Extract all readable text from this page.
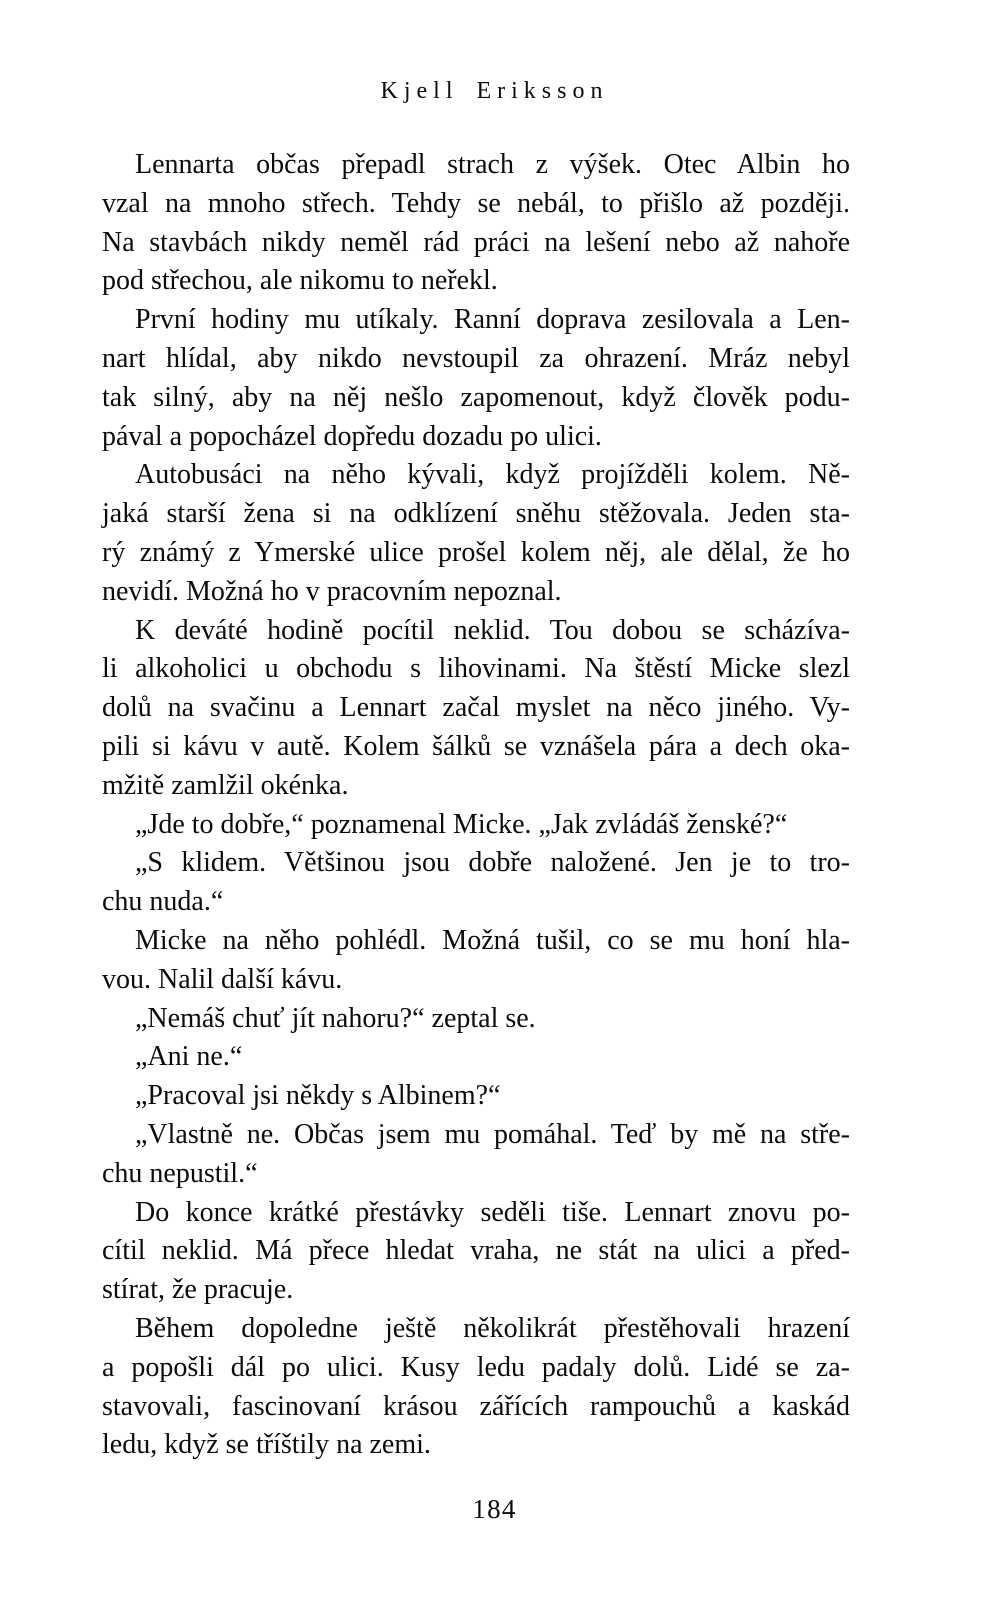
Kjell Eriksson

Lennarta občas přepadl strach z výšek. Otec Albin ho
vzal na mnoho střech. Tehdy se nebál, to přišlo až později.
Na stavbách nikdy neměl rád práci na lešení nebo až nahoře
pod střechou, ale nikomu to neřekl.

První hodiny mu utíkaly. Ranní doprava zesilovala a Len-
nart hlídal, aby nikdo nevstoupil za ohrazení. Mráz nebyl
tak silný, aby na něj nešlo zapomenout, když člověk podu-
pával a popocházel dopředu dozadu po ulici.

Autobusáci na něho kývali, když projížděli kolem. Ně-
jaká starší žena si na odklízení sněhu stěžovala. Jeden sta-
rý známý z Ymerské ulice prošel kolem něj, ale dělal, že ho
nevidí. Možná ho v pracovním nepoznal.

K deváté hodině pocítil neklid. Tou dobou se scházíva-
li alkoholici u obchodu s lihovinami. Na štěstí Micke slezl
dolů na svačinu a Lennart začal myslet na něco jiného. Vy-
pili si kávu v autě. Kolem šálků se vznášela pára a dech oka-
mžitě zamlžil okénka.

„Jde to dobře,“ poznamenal Micke. „Jak zvládáš ženské?“

„S klidem. Většinou jsou dobře naložené. Jen je to tro-
chu nuda.“

Micke na něho pohlédl. Možná tušil, co se mu honí hla-
vou. Nalil další kávu.

„Nemáš chuť jít nahoru?“ zeptal se.

„Ani ne.“

„Pracoval jsi někdy s Albinem?“

„Vlastně ne. Občas jsem mu pomáhal. Teď by mě na stře-
chu nepustil.“

Do konce krátké přestávky seděli tiše. Lennart znovu po-
cítil neklid. Má přece hledat vraha, ne stát na ulici a před-
stírat, že pracuje.

Během dopoledne ještě několikrát přestěhovali hrazení
a popošli dál po ulici. Kusy ledu padaly dolů. Lidé se za-
stavovali, fascinovaní krásou zářících rampouchů a kaskád
ledu, když se tříštily na zemi.

184
